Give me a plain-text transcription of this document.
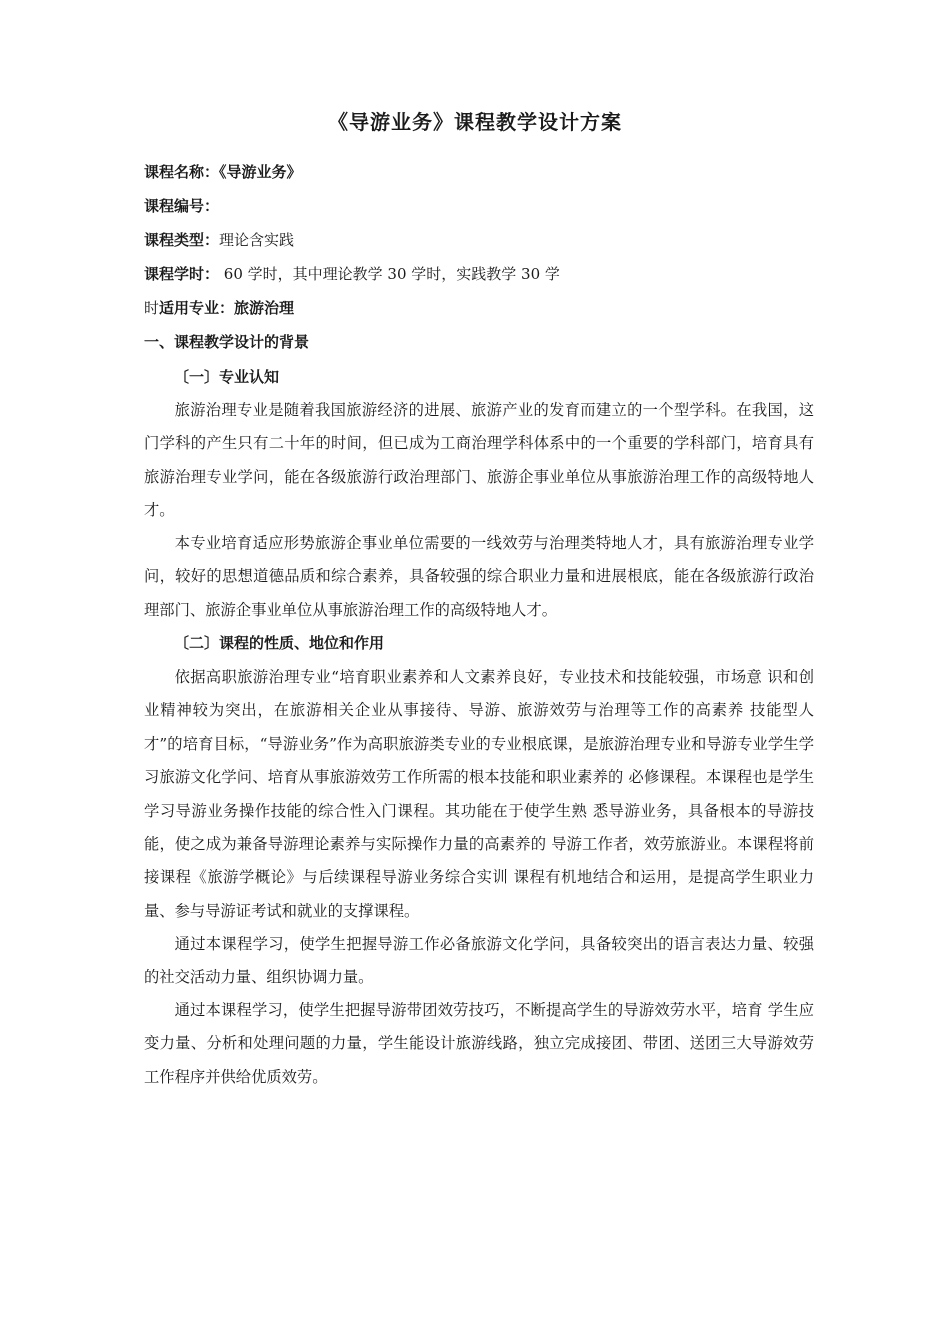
《导游业务》课程教学设计方案
课程名称：《导游业务》
课程编号：
课程类型：理论含实践
课程学时： 60 学时，其中理论教学 30 学时，实践教学 30 学
时适用专业：旅游治理
一、课程教学设计的背景
〔一〕专业认知

旅游治理专业是随着我国旅游经济的进展、旅游产业的发育而建立的一个型学科。在我国，这门学科的产生只有二十年的时间，但已成为工商治理学科体系中的一个重要的学科部门，培育具有旅游治理专业学问，能在各级旅游行政治理部门、旅游企事业单位从事旅游治理工作的高级特地人才。

本专业培育适应形势旅游企事业单位需要的一线效劳与治理类特地人才，具有旅游治理专业学问，较好的思想道德品质和综合素养，具备较强的综合职业力量和进展根底，能在各级旅游行政治理部门、旅游企事业单位从事旅游治理工作的高级特地人才。

〔二〕课程的性质、地位和作用

依据高职旅游治理专业“培育职业素养和人文素养良好，专业技术和技能较强，市场意 识和创业精神较为突出，在旅游相关企业从事接待、导游、旅游效劳与治理等工作的高素养 技能型人才”的培育目标，“导游业务”作为高职旅游类专业的专业根底课，是旅游治理专业和导游专业学生学习旅游文化学问、培育从事旅游效劳工作所需的根本技能和职业素养的 必修课程。本课程也是学生学习导游业务操作技能的综合性入门课程。其功能在于使学生熟 悉导游业务，具备根本的导游技能，使之成为兼备导游理论素养与实际操作力量的高素养的 导游工作者，效劳旅游业。本课程将前接课程《旅游学概论》与后续课程导游业务综合实训 课程有机地结合和运用，是提高学生职业力量、参与导游证考试和就业的支撑课程。

通过本课程学习，使学生把握导游工作必备旅游文化学问，具备较突出的语言表达力量、较强的社交活动力量、组织协调力量。

通过本课程学习，使学生把握导游带团效劳技巧，不断提高学生的导游效劳水平，培育 学生应变力量、分析和处理问题的力量，学生能设计旅游线路，独立完成接团、带团、送团三大导游效劳工作程序并供给优质效劳。
